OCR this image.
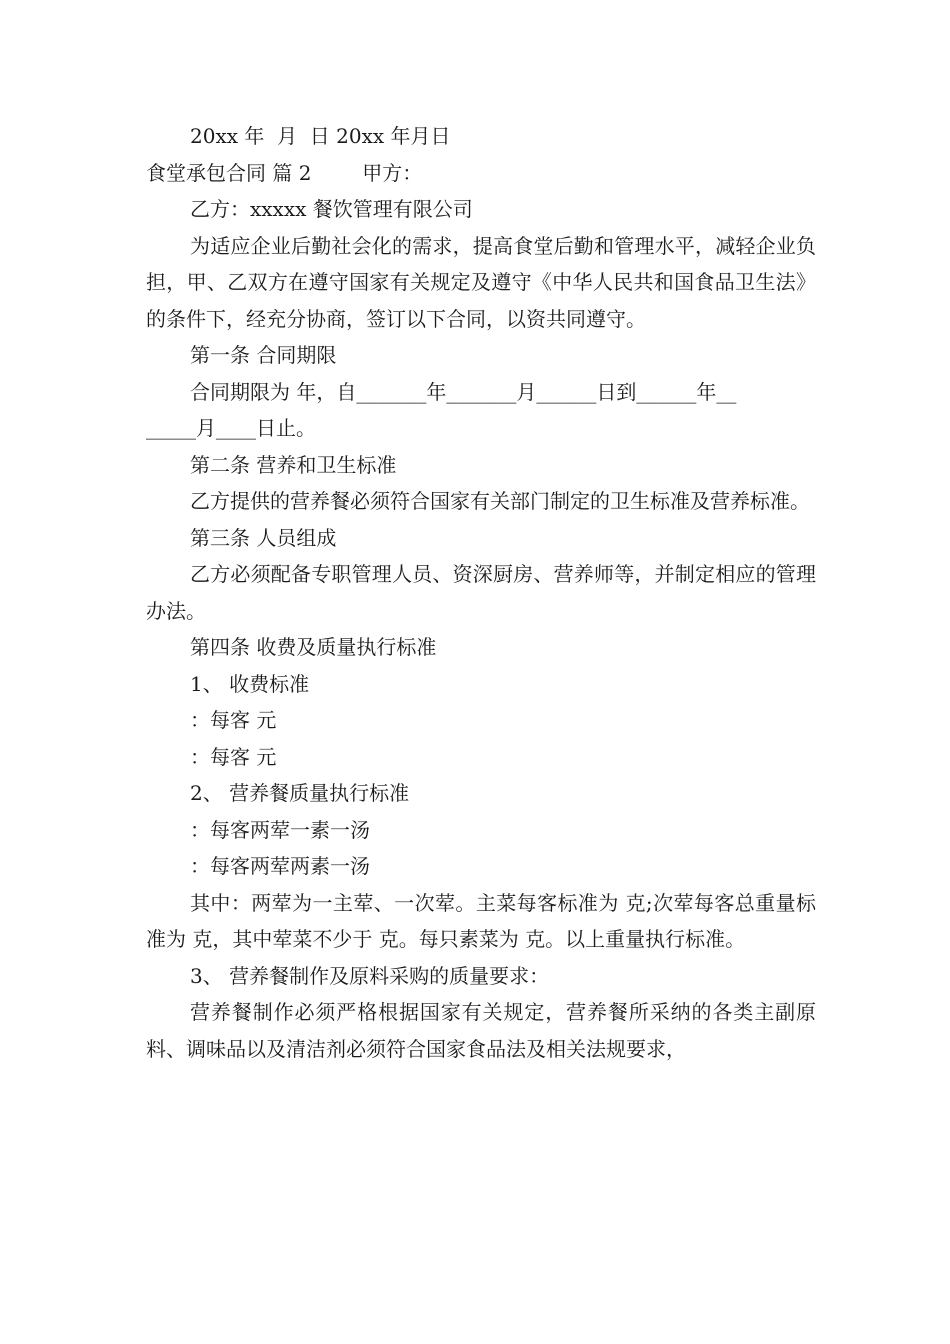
20xx 年  月  日 20xx 年月日

食堂承包合同 篇 2        甲方：

乙方：xxxxx 餐饮管理有限公司

为适应企业后勤社会化的需求，提高食堂后勤和管理水平，减轻企业负担，甲、乙双方在遵守国家有关规定及遵守《中华人民共和国食品卫生法》的条件下，经充分协商，签订以下合同，以资共同遵守。

第一条 合同期限

合同期限为 年，自_______年_______月______日到______年__

_____月____日止。

第二条 营养和卫生标准

乙方提供的营养餐必须符合国家有关部门制定的卫生标准及营养标准。

第三条 人员组成

乙方必须配备专职管理人员、资深厨房、营养师等，并制定相应的管理办法。

第四条 收费及质量执行标准

1、 收费标准

：每客 元

：每客 元

2、 营养餐质量执行标准

：每客两荤一素一汤

：每客两荤两素一汤

其中：两荤为一主荤、一次荤。主菜每客标准为 克;次荤每客总重量标准为 克，其中荤菜不少于 克。每只素菜为 克。以上重量执行标准。

3、 营养餐制作及原料采购的质量要求：

营养餐制作必须严格根据国家有关规定，营养餐所采纳的各类主副原料、调味品以及清洁剂必须符合国家食品法及相关法规要求，
